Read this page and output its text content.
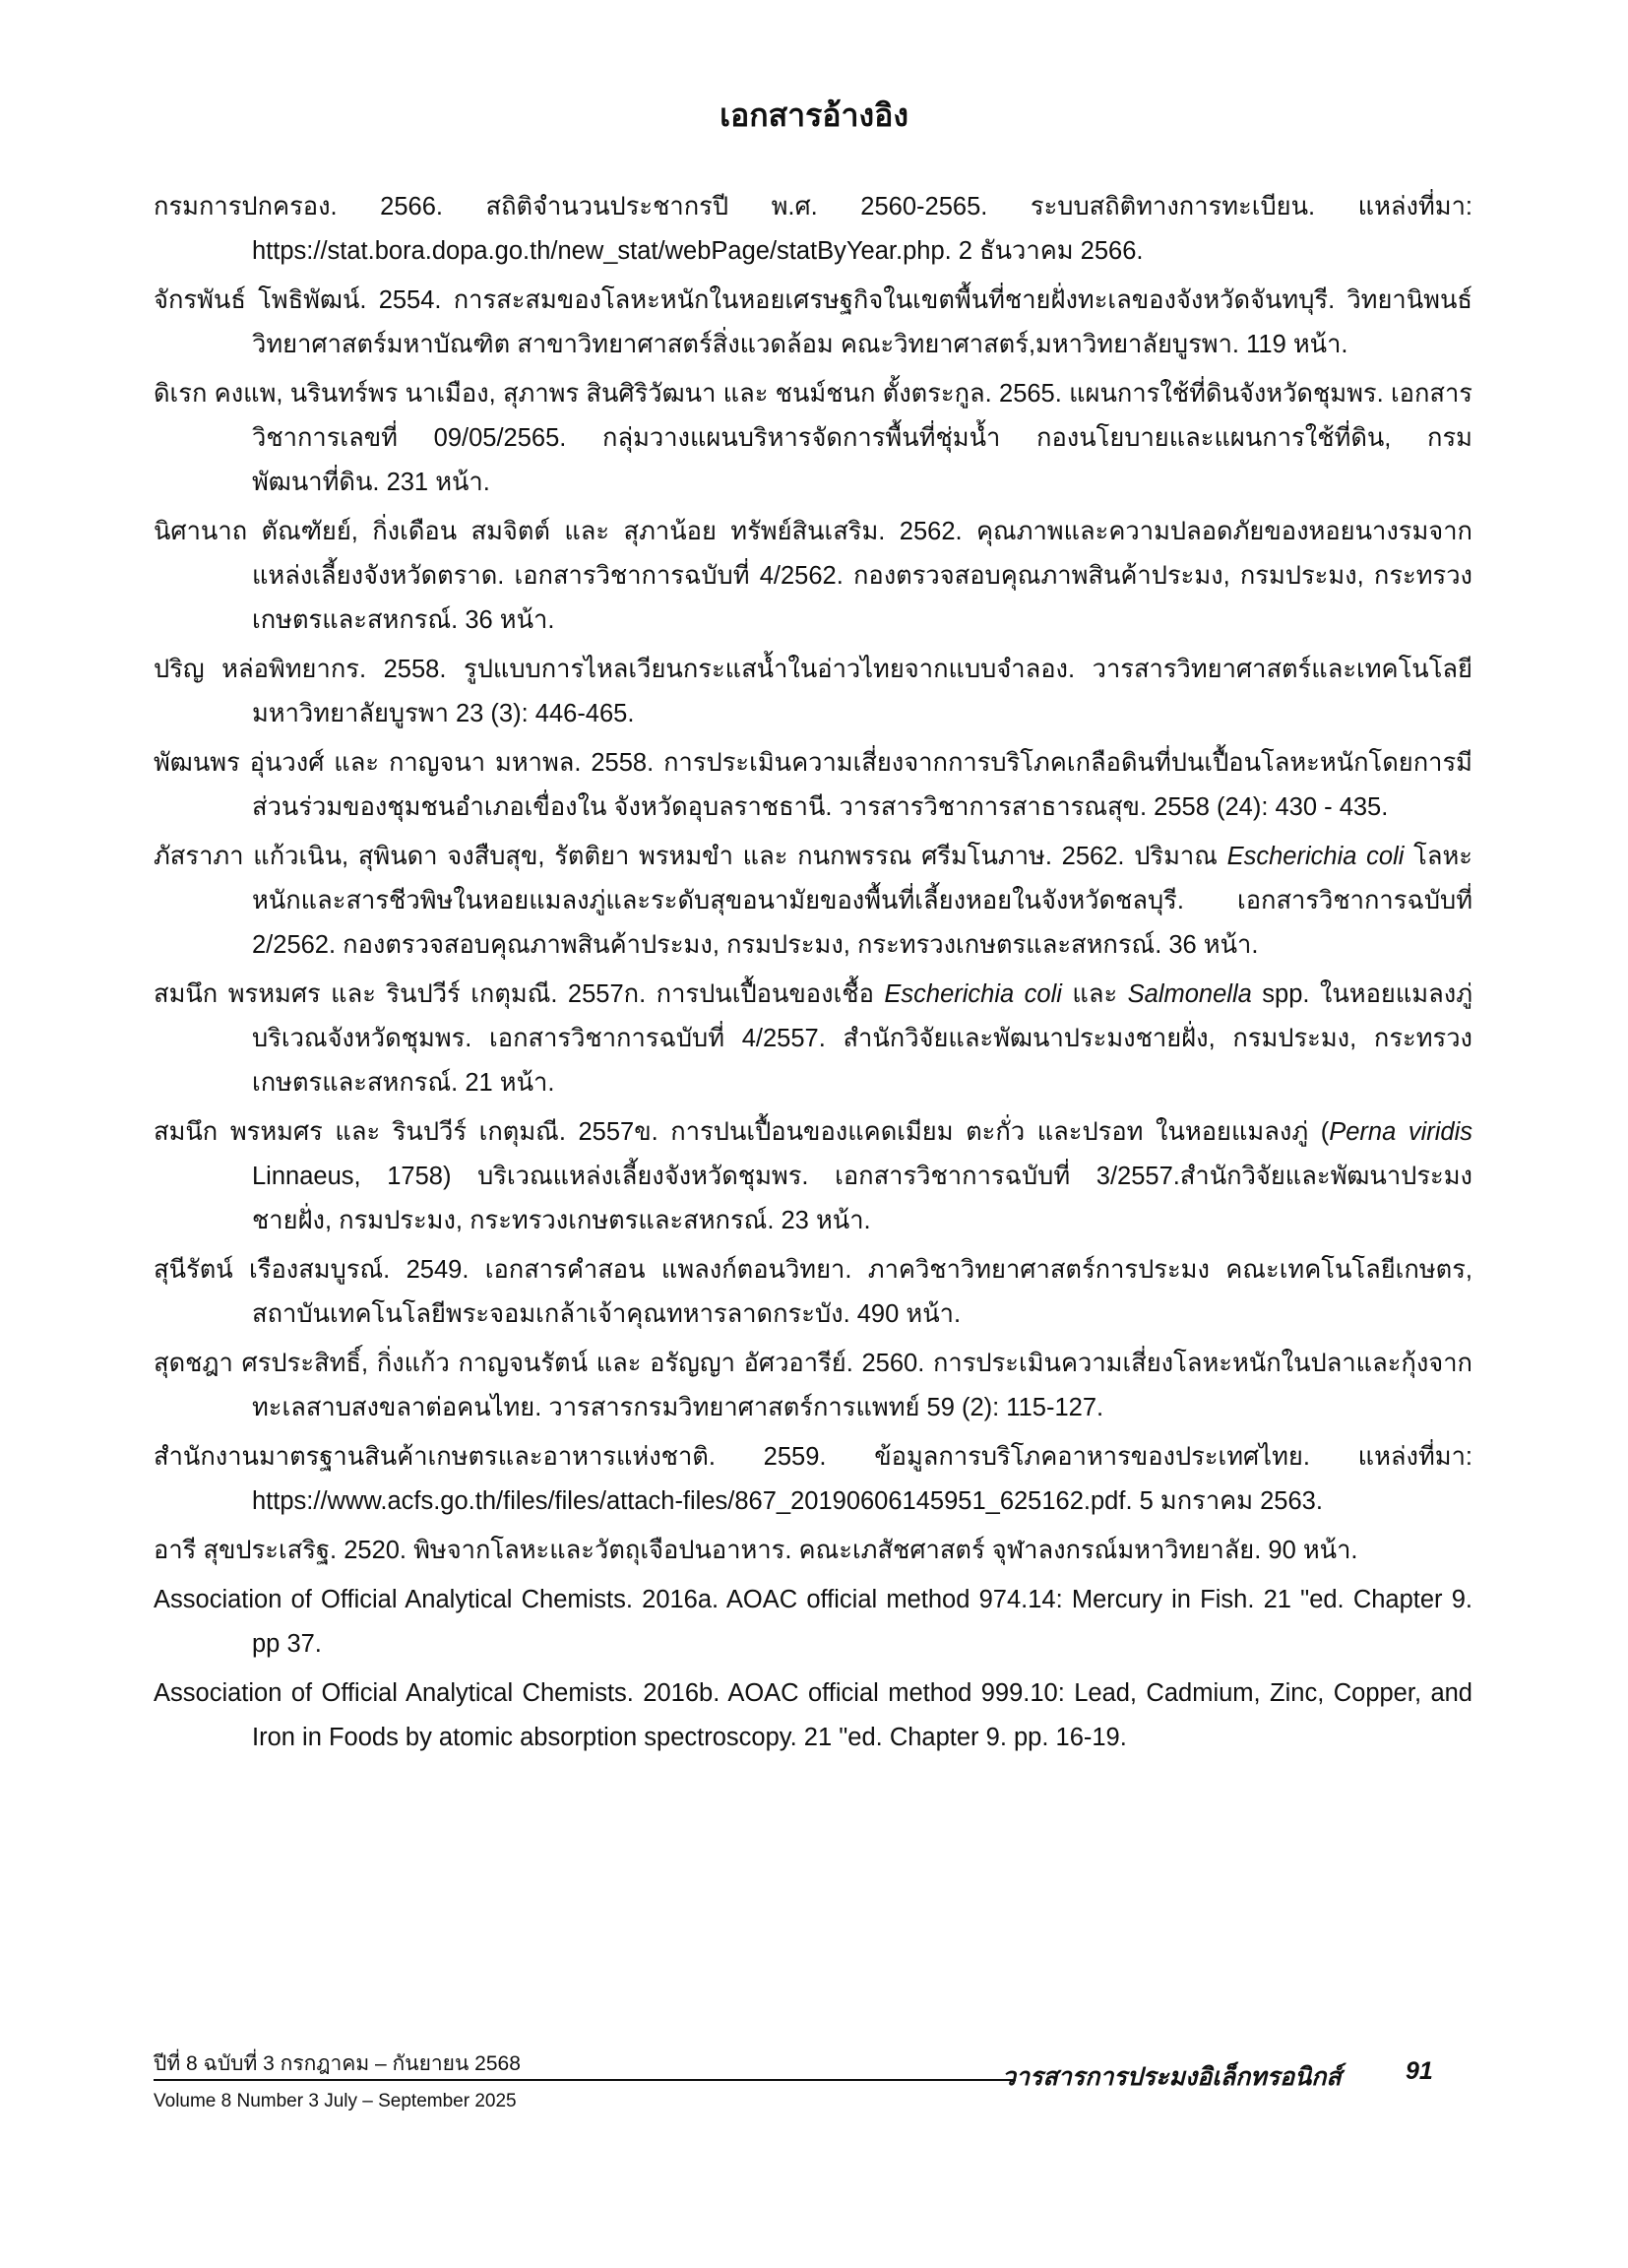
เอกสารอ้างอิง
กรมการปกครอง. 2566. สถิติจำนวนประชากรปี พ.ศ. 2560-2565. ระบบสถิติทางการทะเบียน. แหล่งที่มา: https://stat.bora.dopa.go.th/new_stat/webPage/statByYear.php. 2 ธันวาคม 2566.
จักรพันธ์ โพธิพัฒน์. 2554. การสะสมของโลหะหนักในหอยเศรษฐกิจในเขตพื้นที่ชายฝั่งทะเลของจังหวัดจันทบุรี. วิทยานิพนธ์วิทยาศาสตร์มหาบัณฑิต สาขาวิทยาศาสตร์สิ่งแวดล้อม คณะวิทยาศาสตร์,มหาวิทยาลัยบูรพา. 119 หน้า.
ดิเรก คงแพ, นรินทร์พร นาเมือง, สุภาพร สินศิริวัฒนา และ ชนม์ชนก ตั้งตระกูล. 2565. แผนการใช้ที่ดินจังหวัดชุมพร. เอกสารวิชาการเลขที่ 09/05/2565. กลุ่มวางแผนบริหารจัดการพื้นที่ชุ่มน้ำ กองนโยบายและแผนการใช้ที่ดิน, กรมพัฒนาที่ดิน. 231 หน้า.
นิศานาถ ตัณฑัยย์, กิ่งเดือน สมจิตต์ และ สุภาน้อย ทรัพย์สินเสริม. 2562. คุณภาพและความปลอดภัยของหอยนางรมจากแหล่งเลี้ยงจังหวัดตราด. เอกสารวิชาการฉบับที่ 4/2562. กองตรวจสอบคุณภาพสินค้าประมง, กรมประมง, กระทรวงเกษตรและสหกรณ์. 36 หน้า.
ปริญ หล่อพิทยากร. 2558. รูปแบบการไหลเวียนกระแสน้ำในอ่าวไทยจากแบบจำลอง. วารสารวิทยาศาสตร์และเทคโนโลยี มหาวิทยาลัยบูรพา 23 (3): 446-465.
พัฒนพร อุ่นวงศ์ และ กาญจนา มหาพล. 2558. การประเมินความเสี่ยงจากการบริโภคเกลือดินที่ปนเปื้อนโลหะหนักโดยการมีส่วนร่วมของชุมชนอำเภอเขื่องใน จังหวัดอุบลราชธานี. วารสารวิชาการสาธารณสุข. 2558 (24): 430 - 435.
ภัสราภา แก้วเนิน, สุพินดา จงสืบสุข, รัตติยา พรหมขำ และ กนกพรรณ ศรีมโนภาษ. 2562. ปริมาณ Escherichia coli โลหะหนักและสารชีวพิษในหอยแมลงภู่และระดับสุขอนามัยของพื้นที่เลี้ยงหอยในจังหวัดชลบุรี. เอกสารวิชาการฉบับที่ 2/2562. กองตรวจสอบคุณภาพสินค้าประมง, กรมประมง, กระทรวงเกษตรและสหกรณ์. 36 หน้า.
สมนึก พรหมศร และ รินปวีร์ เกตุมณี. 2557ก. การปนเปื้อนของเชื้อ Escherichia coli และ Salmonella spp. ในหอยแมลงภู่ บริเวณจังหวัดชุมพร. เอกสารวิชาการฉบับที่ 4/2557. สำนักวิจัยและพัฒนาประมงชายฝั่ง, กรมประมง, กระทรวงเกษตรและสหกรณ์. 21 หน้า.
สมนึก พรหมศร และ รินปวีร์ เกตุมณี. 2557ข. การปนเปื้อนของแคดเมียม ตะกั่ว และปรอท ในหอยแมลงภู่ (Perna viridis Linnaeus, 1758) บริเวณแหล่งเลี้ยงจังหวัดชุมพร. เอกสารวิชาการฉบับที่ 3/2557.สำนักวิจัยและพัฒนาประมงชายฝั่ง, กรมประมง, กระทรวงเกษตรและสหกรณ์. 23 หน้า.
สุนีรัตน์ เรืองสมบูรณ์. 2549. เอกสารคำสอน แพลงก์ตอนวิทยา. ภาควิชาวิทยาศาสตร์การประมง คณะเทคโนโลยีเกษตร, สถาบันเทคโนโลยีพระจอมเกล้าเจ้าคุณทหารลาดกระบัง. 490 หน้า.
สุดชฎา ศรประสิทธิ์, กิ่งแก้ว กาญจนรัตน์ และ อรัญญา อัศวอารีย์. 2560. การประเมินความเสี่ยงโลหะหนักในปลาและกุ้งจากทะเลสาบสงขลาต่อคนไทย. วารสารกรมวิทยาศาสตร์การแพทย์ 59 (2): 115-127.
สำนักงานมาตรฐานสินค้าเกษตรและอาหารแห่งชาติ. 2559. ข้อมูลการบริโภคอาหารของประเทศไทย. แหล่งที่มา: https://www.acfs.go.th/files/files/attach-files/867_20190606145951_625162.pdf. 5 มกราคม 2563.
อารี สุขประเสริฐ. 2520. พิษจากโลหะและวัตถุเจือปนอาหาร. คณะเภสัชศาสตร์ จุฬาลงกรณ์มหาวิทยาลัย. 90 หน้า.
Association of Official Analytical Chemists. 2016a. AOAC official method 974.14: Mercury in Fish. 21 "ed. Chapter 9. pp 37.
Association of Official Analytical Chemists. 2016b. AOAC official method 999.10: Lead, Cadmium, Zinc, Copper, and Iron in Foods by atomic absorption spectroscopy. 21 "ed. Chapter 9. pp. 16-19.
ปีที่ 8 ฉบับที่ 3 กรกฎาคม – กันยายน 2568
Volume 8 Number 3 July – September 2025
วารสารการประมงอิเล็กทรอนิกส์	91
